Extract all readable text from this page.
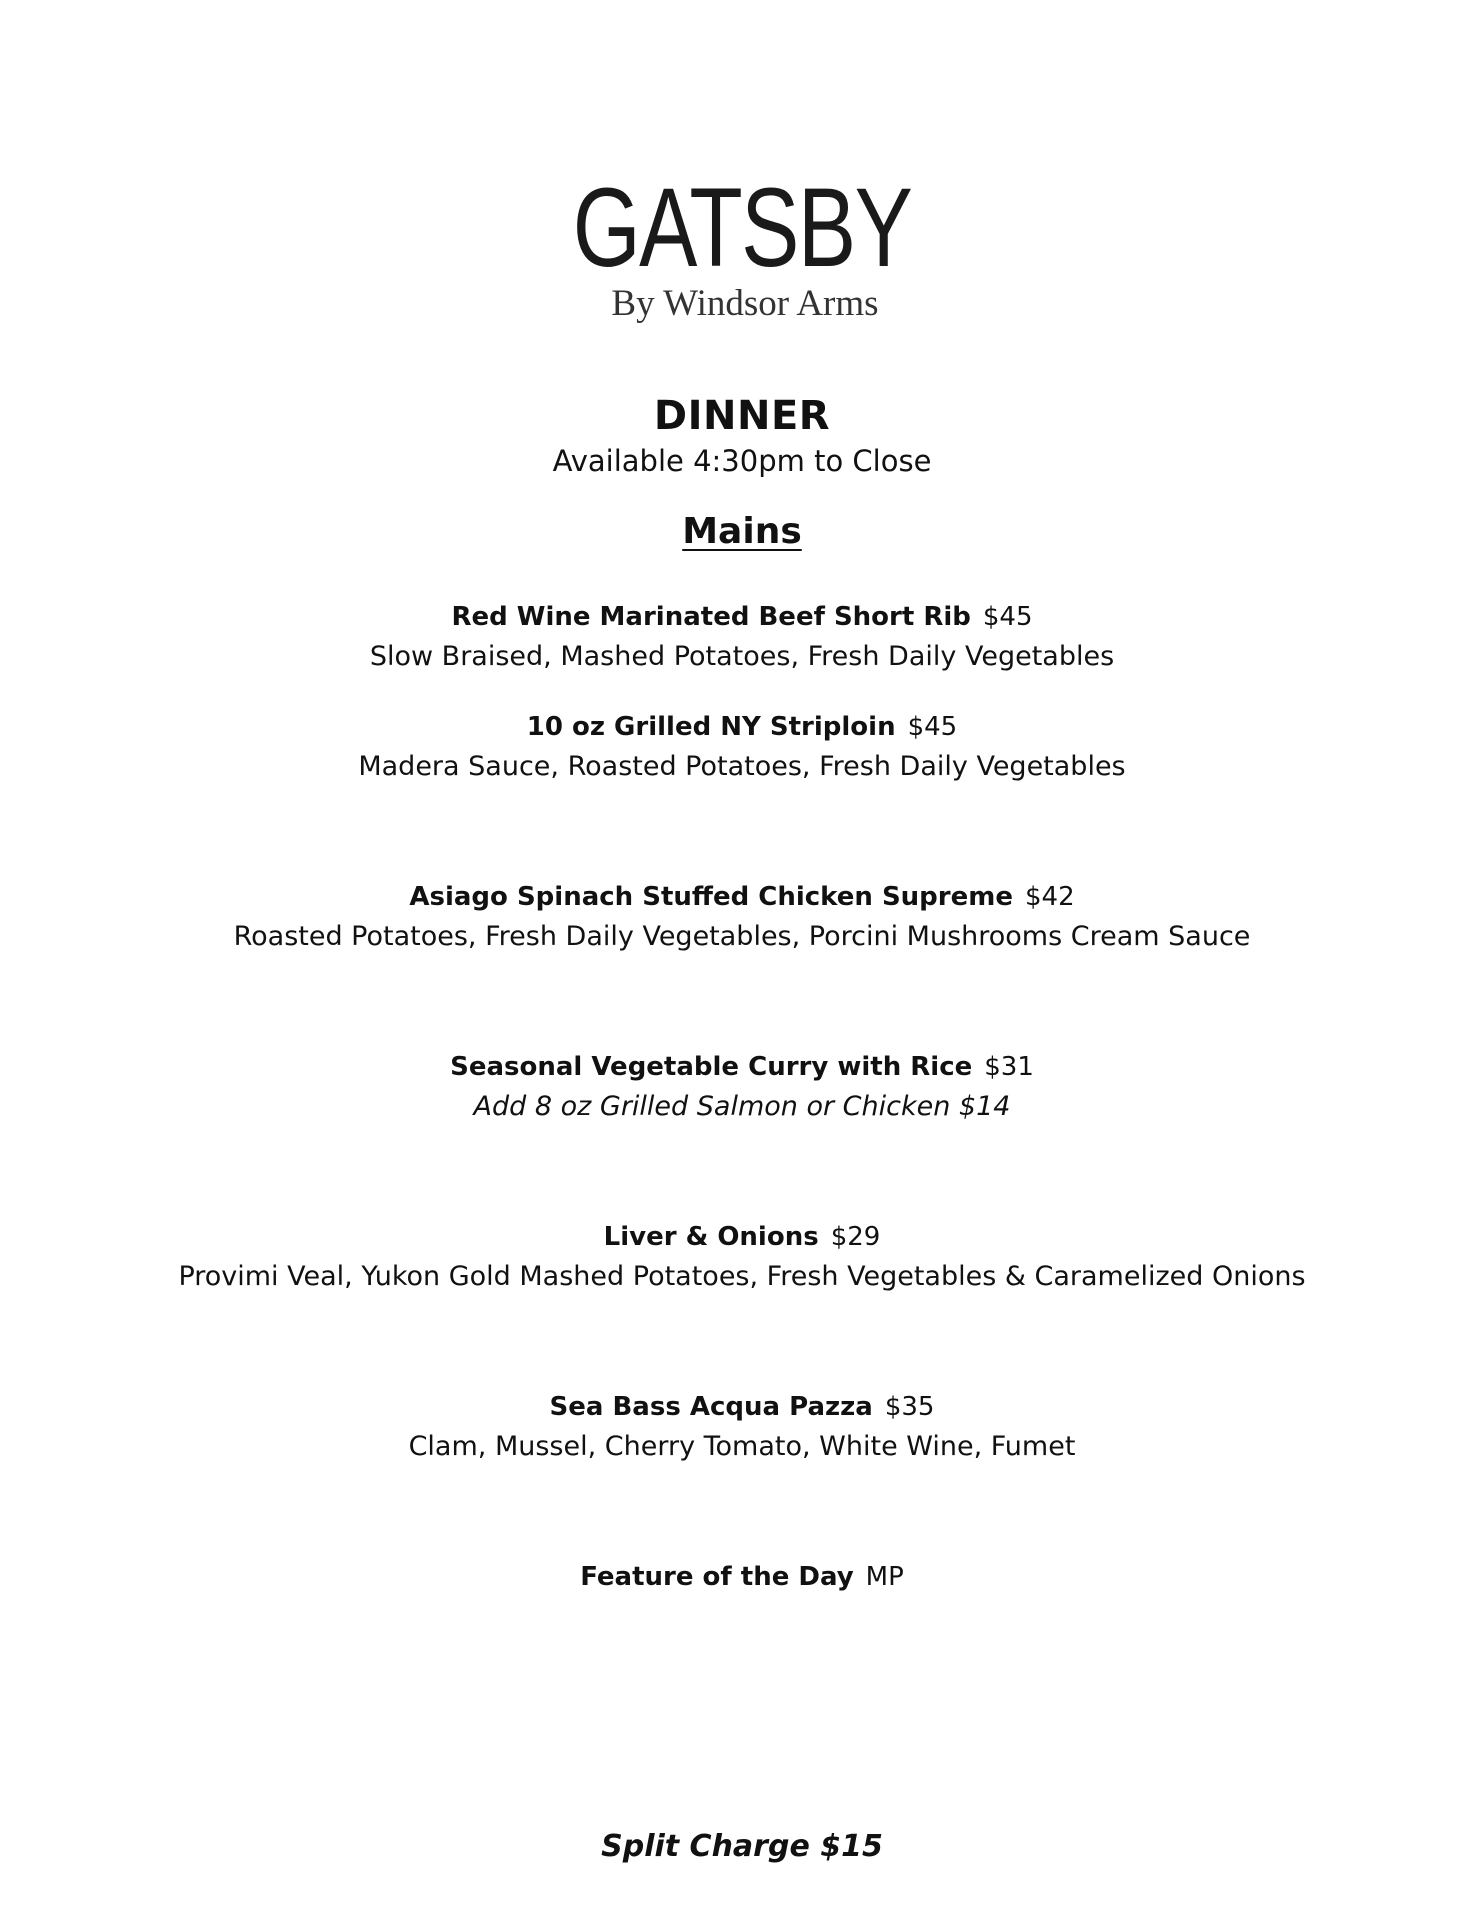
GATSBY
By Windsor Arms
DINNER
Available 4:30pm to Close
Mains
Red Wine Marinated Beef Short Rib $45
Slow Braised, Mashed Potatoes, Fresh Daily Vegetables
10 oz Grilled NY Striploin $45
Madera Sauce, Roasted Potatoes, Fresh Daily Vegetables
Asiago Spinach Stuffed Chicken Supreme $42
Roasted Potatoes, Fresh Daily Vegetables, Porcini Mushrooms Cream Sauce
Seasonal Vegetable Curry with Rice $31
Add 8 oz Grilled Salmon or Chicken $14
Liver & Onions $29
Provimi Veal, Yukon Gold Mashed Potatoes, Fresh Vegetables & Caramelized Onions
Sea Bass Acqua Pazza $35
Clam, Mussel, Cherry Tomato, White Wine, Fumet
Feature of the Day MP
Split Charge $15
